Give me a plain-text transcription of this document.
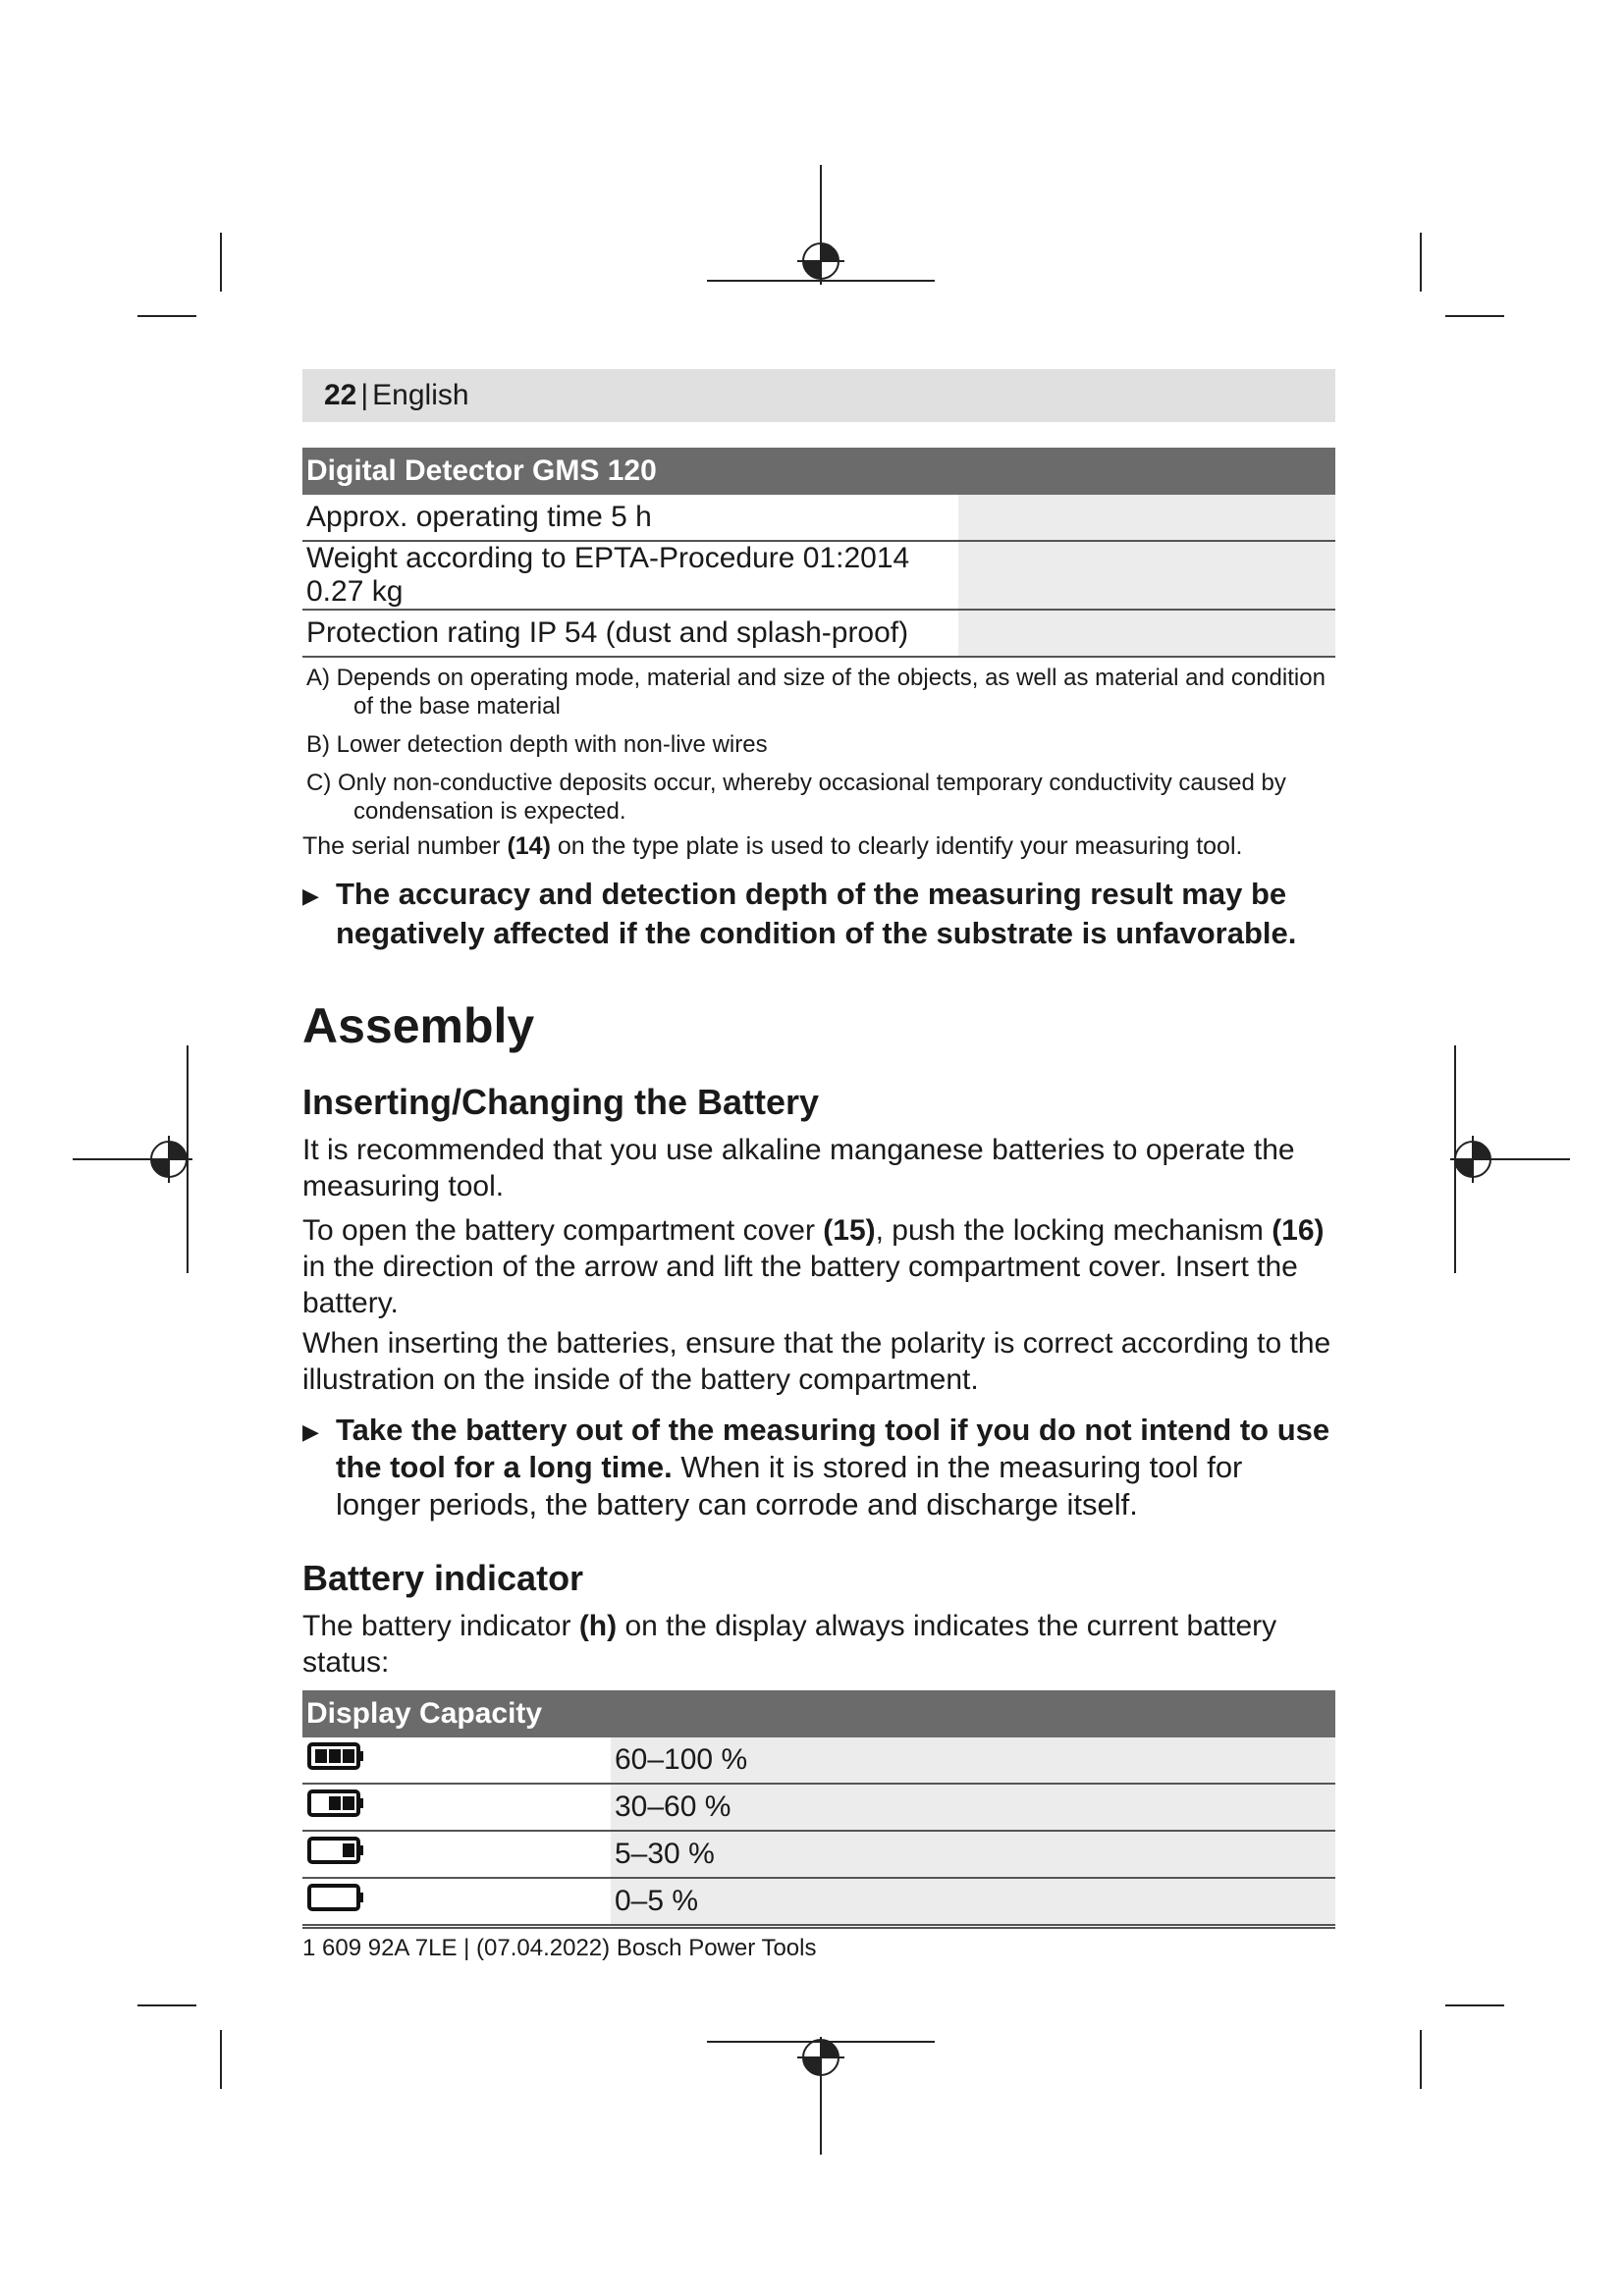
22 | English
Digital Detector GMS 120	
Approx. operating time 5 h	
Weight according to EPTA-Procedure 01:2014 0.27 kg	
Protection rating IP 54 (dust and splash-proof)	
A) Depends on operating mode, material and size of the objects, as well as material and condition
of the base material
B) Lower detection depth with non-live wires
C) Only non-conductive deposits occur, whereby occasional temporary conductivity caused by
condensation is expected.
The serial number (14) on the type plate is used to clearly identify your measuring tool.
▶ The accuracy and detection depth of the measuring result may be negatively affected if the condition of the substrate is unfavorable.
Assembly
Inserting/Changing the Battery

It is recommended that you use alkaline manganese batteries to operate the measuring tool.

To open the battery compartment cover (15), push the locking mechanism (16) in the direction of the arrow and lift the battery compartment cover. Insert the battery.

When inserting the batteries, ensure that the polarity is correct according to the illustration on the inside of the battery compartment.

▶ Take the battery out of the measuring tool if you do not intend to use the tool for a long time. When it is stored in the measuring tool for longer periods, the battery can corrode and discharge itself.
Battery indicator

The battery indicator (h) on the display always indicates the current battery status:

Display Capacity	
	60–100 %
	30–60 %
	5–30 %
	0–5 %
1 609 92A 7LE | (07.04.2022) Bosch Power Tools
